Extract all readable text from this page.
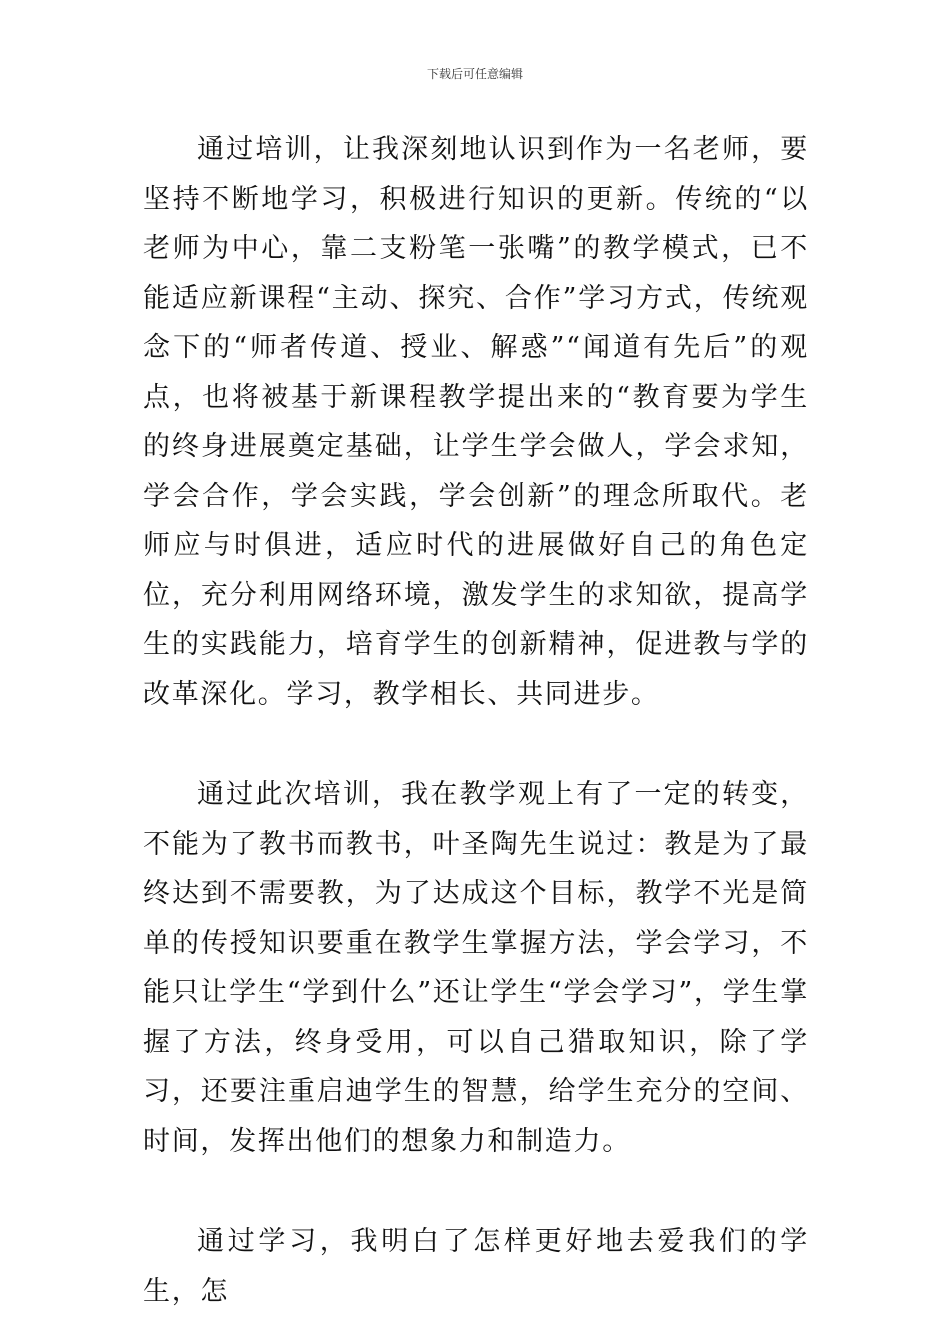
下载后可任意编辑

通过培训，让我深刻地认识到作为一名老师，要坚持不断地学习，积极进行知识的更新。传统的“以老师为中心，靠二支粉笔一张嘴”的教学模式，已不能适应新课程“主动、探究、合作”学习方式，传统观念下的“师者传道、授业、解惑”“闻道有先后”的观点，也将被基于新课程教学提出来的“教育要为学生的终身进展奠定基础，让学生学会做人，学会求知，学会合作，学会实践，学会创新”的理念所取代。老师应与时俱进，适应时代的进展做好自己的角色定位，充分利用网络环境，激发学生的求知欲，提高学生的实践能力，培育学生的创新精神，促进教与学的改革深化。学习，教学相长、共同进步。

通过此次培训，我在教学观上有了一定的转变，不能为了教书而教书，叶圣陶先生说过：教是为了最终达到不需要教，为了达成这个目标，教学不光是简单的传授知识要重在教学生掌握方法，学会学习，不能只让学生“学到什么”还让学生“学会学习”，学生掌握了方法，终身受用，可以自己猎取知识，除了学习，还要注重启迪学生的智慧，给学生充分的空间、时间，发挥出他们的想象力和制造力。

通过学习，我明白了怎样更好地去爱我们的学生，怎
